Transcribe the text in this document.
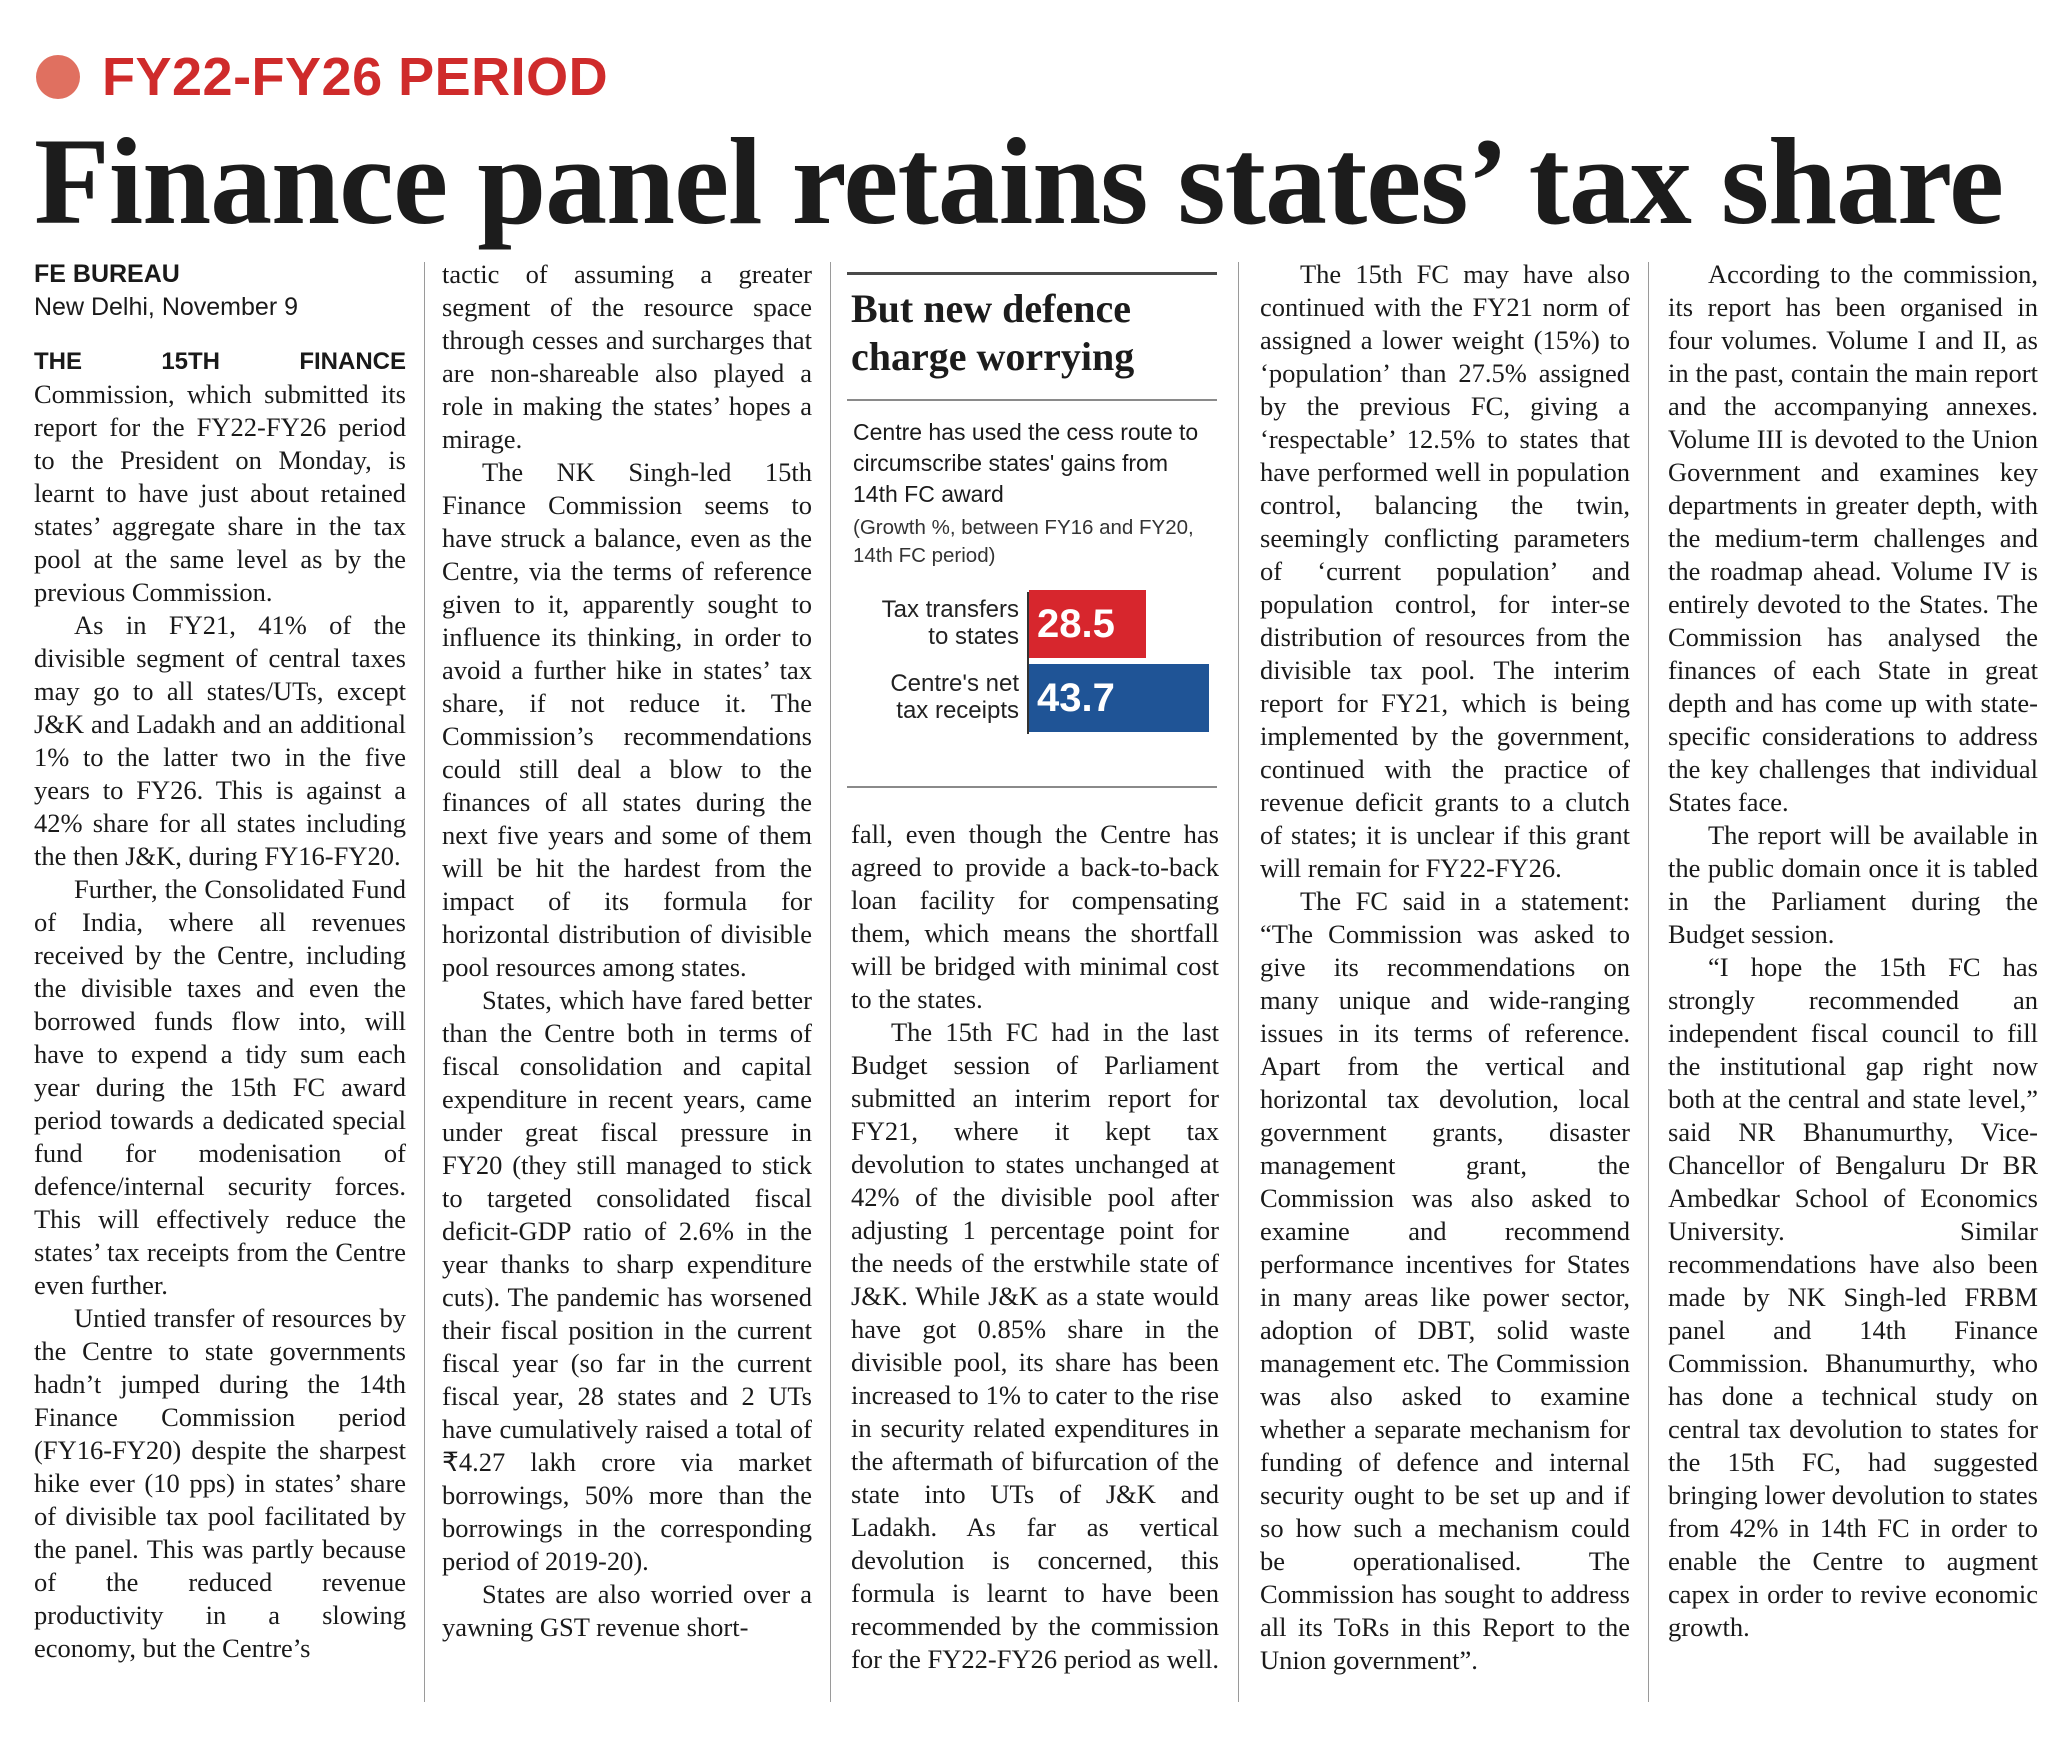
FY22-FY26 PERIOD
Finance panel retains states’ tax share
FE BUREAU
New Delhi, November 9

THE 15TH FINANCE Commission, which submitted its report for the FY22-FY26 period to the President on Monday, is learnt to have just about retained states’ aggregate share in the tax pool at the same level as by the previous Commission.

As in FY21, 41% of the divisible segment of central taxes may go to all states/UTs, except J&K and Ladakh and an additional 1% to the latter two in the five years to FY26. This is against a 42% share for all states including the then J&K, during FY16-FY20.

Further, the Consolidated Fund of India, where all revenues received by the Centre, including the divisible taxes and even the borrowed funds flow into, will have to expend a tidy sum each year during the 15th FC award period towards a dedicated special fund for modenisation of defence/internal security forces. This will effectively reduce the states’ tax receipts from the Centre even further.

Untied transfer of resources by the Centre to state governments hadn’t jumped during the 14th Finance Commission period (FY16-FY20) despite the sharpest hike ever (10 pps) in states’ share of divisible tax pool facilitated by the panel. This was partly because of the reduced revenue productivity in a slowing economy, but the Centre’s

tactic of assuming a greater segment of the resource space through cesses and surcharges that are non-shareable also played a role in making the states’ hopes a mirage.

The NK Singh-led 15th Finance Commission seems to have struck a balance, even as the Centre, via the terms of reference given to it, apparently sought to influence its thinking, in order to avoid a further hike in states’ tax share, if not reduce it. The Commission’s recommendations could still deal a blow to the finances of all states during the next five years and some of them will be hit the hardest from the impact of its formula for horizontal distribution of divisible pool resources among states.

States, which have fared better than the Centre both in terms of fiscal consolidation and capital expenditure in recent years, came under great fiscal pressure in FY20 (they still managed to stick to targeted consolidated fiscal deficit-GDP ratio of 2.6% in the year thanks to sharp expenditure cuts). The pandemic has worsened their fiscal position in the current fiscal year (so far in the current fiscal year, 28 states and 2 UTs have cumulatively raised a total of ₹4.27 lakh crore via market borrowings, 50% more than the borrowings in the corresponding period of 2019-20).

States are also worried over a yawning GST revenue short-

But new defence charge worrying
Centre has used the cess route to circumscribe states' gains from 14th FC award
(Growth %, between FY16 and FY20, 14th FC period)
Tax transfers
to states 28.5
Centre's net
tax receipts 43.7

fall, even though the Centre has agreed to provide a back-to-back loan facility for compensating them, which means the shortfall will be bridged with minimal cost to the states.

The 15th FC had in the last Budget session of Parliament submitted an interim report for FY21, where it kept tax devolution to states unchanged at 42% of the divisible pool after adjusting 1 percentage point for the needs of the erstwhile state of J&K. While J&K as a state would have got 0.85% share in the divisible pool, its share has been increased to 1% to cater to the rise in security related expenditures in the aftermath of bifurcation of the state into UTs of J&K and Ladakh. As far as vertical devolution is concerned, this formula is learnt to have been recommended by the commission for the FY22-FY26 period as well.

The 15th FC may have also continued with the FY21 norm of assigned a lower weight (15%) to ‘population’ than 27.5% assigned by the previous FC, giving a ‘respectable’ 12.5% to states that have performed well in population control, balancing the twin, seemingly conflicting parameters of ‘current population’ and population control, for inter-se distribution of resources from the divisible tax pool. The interim report for FY21, which is being implemented by the government, continued with the practice of revenue deficit grants to a clutch of states; it is unclear if this grant will remain for FY22-FY26.

The FC said in a statement: “The Commission was asked to give its recommendations on many unique and wide-ranging issues in its terms of reference. Apart from the vertical and horizontal tax devolution, local government grants, disaster management grant, the Commission was also asked to examine and recommend performance incentives for States in many areas like power sector, adoption of DBT, solid waste management etc. The Commission was also asked to examine whether a separate mechanism for funding of defence and internal security ought to be set up and if so how such a mechanism could be operationalised. The Commission has sought to address all its ToRs in this Report to the Union government”.

According to the commission, its report has been organised in four volumes. Volume I and II, as in the past, contain the main report and the accompanying annexes. Volume III is devoted to the Union Government and examines key departments in greater depth, with the medium-term challenges and the roadmap ahead. Volume IV is entirely devoted to the States. The Commission has analysed the finances of each State in great depth and has come up with state-specific considerations to address the key challenges that individual States face.

The report will be available in the public domain once it is tabled in the Parliament during the Budget session.

“I hope the 15th FC has strongly recommended an independent fiscal council to fill the institutional gap right now both at the central and state level,” said NR Bhanumurthy, Vice-Chancellor of Bengaluru Dr BR Ambedkar School of Economics University. Similar recommendations have also been made by NK Singh-led FRBM panel and 14th Finance Commission. Bhanumurthy, who has done a technical study on central tax devolution to states for the 15th FC, had suggested bringing lower devolution to states from 42% in 14th FC in order to enable the Centre to augment capex in order to revive economic growth.
